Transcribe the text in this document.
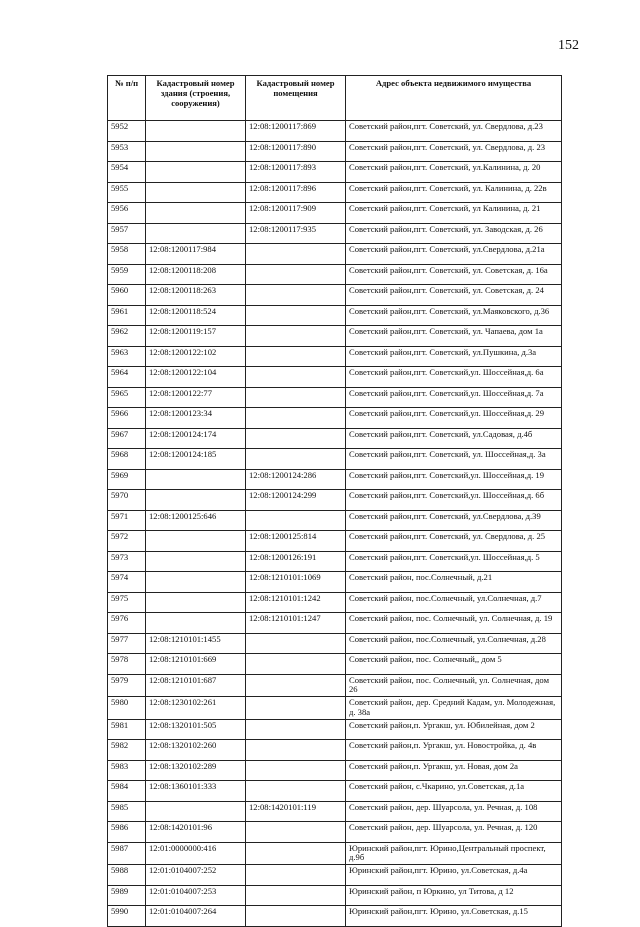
152
№ п/п	Кадастровый номер здания (строения, сооружения)	Кадастровый номер помещения	Адрес объекта недвижимого имущества
5952		12:08:1200117:869	Советский район,пгт. Советский, ул. Свердлова, д.23
5953		12:08:1200117:890	Советский район,пгт. Советский, ул. Свердлова, д. 23
5954		12:08:1200117:893	Советский район,пгт. Советский, ул.Калинина, д. 20
5955		12:08:1200117:896	Советский район,пгт. Советский, ул. Калинина, д. 22в
5956		12:08:1200117:909	Советский район,пгт. Советский, ул Калинина, д. 21
5957		12:08:1200117:935	Советский район,пгт. Советский, ул. Заводская, д. 26
5958	12:08:1200117:984		Советский район,пгт. Советский, ул.Свердлова, д.21а
5959	12:08:1200118:208		Советский район,пгт. Советский, ул. Советская, д. 16а
5960	12:08:1200118:263		Советский район,пгт. Советский, ул. Советская, д. 24
5961	12:08:1200118:524		Советский район,пгт. Советский, ул.Маяковского, д.36
5962	12:08:1200119:157		Советский район,пгт. Советский, ул. Чапаева, дом 1а
5963	12:08:1200122:102		Советский район,пгт. Советский, ул.Пушкина, д.3а
5964	12:08:1200122:104		Советский район,пгт. Советский,ул. Шоссейная,д. 6а
5965	12:08:1200122:77		Советский район,пгт. Советский,ул. Шоссейная,д. 7а
5966	12:08:1200123:34		Советский район,пгт. Советский,ул. Шоссейная,д. 29
5967	12:08:1200124:174		Советский район,пгт. Советский, ул.Садовая, д.4б
5968	12:08:1200124:185		Советский район,пгт. Советский, ул. Шоссейная,д. 3а
5969		12:08:1200124:286	Советский район,пгт. Советский,ул. Шоссейная,д. 19
5970		12:08:1200124:299	Советский район,пгт. Советский,ул. Шоссейная,д. 6б
5971	12:08:1200125:646		Советский район,пгт. Советский, ул.Свердлова, д.39
5972		12:08:1200125:814	Советский район,пгт. Советский, ул. Свердлова, д. 25
5973		12:08:1200126:191	Советский район,пгт. Советский,ул. Шоссейная,д. 5
5974		12:08:1210101:1069	Советский район, пос.Солнечный, д.21
5975		12:08:1210101:1242	Советский район, пос.Солнечный, ул.Солнечная, д.7
5976		12:08:1210101:1247	Советский район, пос. Солнечный, ул. Солнечная, д. 19
5977	12:08:1210101:1455		Советский район, пос.Солнечный, ул.Солнечная, д.28
5978	12:08:1210101:669		Советский район, пос. Солнечный,, дом 5
5979	12:08:1210101:687		Советский район, пос. Солнечный, ул. Солнечная, дом 26
5980	12:08:1230102:261		Советский район, дер. Средний Кадам, ул. Молодежная, д. 38а
5981	12:08:1320101:505		Советский район,п. Ургакш, ул. Юбилейная, дом 2
5982	12:08:1320102:260		Советский район,п. Ургакш, ул. Новостройка, д. 4в
5983	12:08:1320102:289		Советский район,п. Ургакш, ул. Новая, дом 2а
5984	12:08:1360101:333		Советский район, с.Чкарино, ул.Советская, д.1а
5985		12:08:1420101:119	Советский район, дер. Шуарсола, ул. Речная, д. 108
5986	12:08:1420101:96		Советский район, дер. Шуарсола, ул. Речная, д. 120
5987	12:01:0000000:416		Юринский район,пгт. Юрино,Центральный проспект, д.9б
5988	12:01:0104007:252		Юринский район,пгт. Юрино, ул.Советская, д.4а
5989	12:01:0104007:253		Юринский район, п Юркино, ул Титова, д 12
5990	12:01:0104007:264		Юринский район,пгт. Юрино, ул.Советская, д.15
